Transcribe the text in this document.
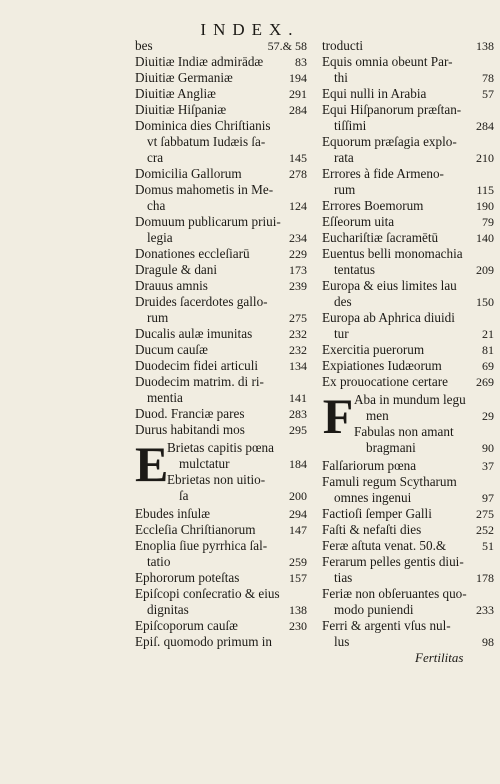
INDEX.
bes	57.& 58
Diuitiæ Indiæ admirādæ	83
Diuitiæ Germaniæ	194
Diuitiæ Angliæ	291
Diuitiæ Hiſpaniæ	284
Dominica dies Chriſtianis
vt ſabbatum Iudæis ſa-
cra	145
Domicilia Gallorum	278
Domus mahometis in Me-
cha	124
Domuum publicarum priui-
legia	234
Donationes eccleſiarū	229
Dragule & dani	173
Drauus amnis	239
Druides ſacerdotes gallo-
rum	275
Ducalis aulæ imunitas	232
Ducum cauſæ	232
Duodecim fidei articuli	134
Duodecim matrim. di ri-
mentia	141
Duod. Franciæ pares	283
Durus habitandi mos	295
E
Brietas capitis pœna
mulctatur	184
Ebrietas non uitio-
ſa	200
Ebudes inſulæ	294
Eccleſia Chriſtianorum	147
Enoplia ſiue pyrrhica ſal-
tatio	259
Ephororum poteſtas	157
Epiſcopi conſecratio & eius
dignitas	138
Epiſcoporum cauſæ	230
Epiſ. quomodo primum in
troducti	138
Equis omnia obeunt Par-
thi	78
Equi nulli in Arabia	57
Equi Hiſpanorum præſtan-
tiſſimi	284
Equorum præſagia explo-
rata	210
Errores à fide Armeno-
rum	115
Errores Boemorum	190
Eſſeorum uita	79
Euchariſtiæ ſacramētū	140
Euentus belli monomachia
tentatus	209
Europa & eius limites lau
des	150
Europa ab Aphrica diuidi
tur	21
Exercitia puerorum	81
Expiationes Iudæorum	69
Ex prouocatione certare	269
F Aba in mundum legu
men	29
Fabulas non amant
bragmani	90
Falſariorum pœna	37
Famuli regum Scytharum
omnes ingenui	97
Factioſi ſemper Galli	275
Faſti & nefaſti dies	252
Feræ aſtuta venat. 50.&	51
Ferarum pelles gentis diui-
tias	178
Feriæ non obſeruantes quo-
modo puniendi	233
Ferri & argenti vſus nul-
lus	98
Fertilitas
